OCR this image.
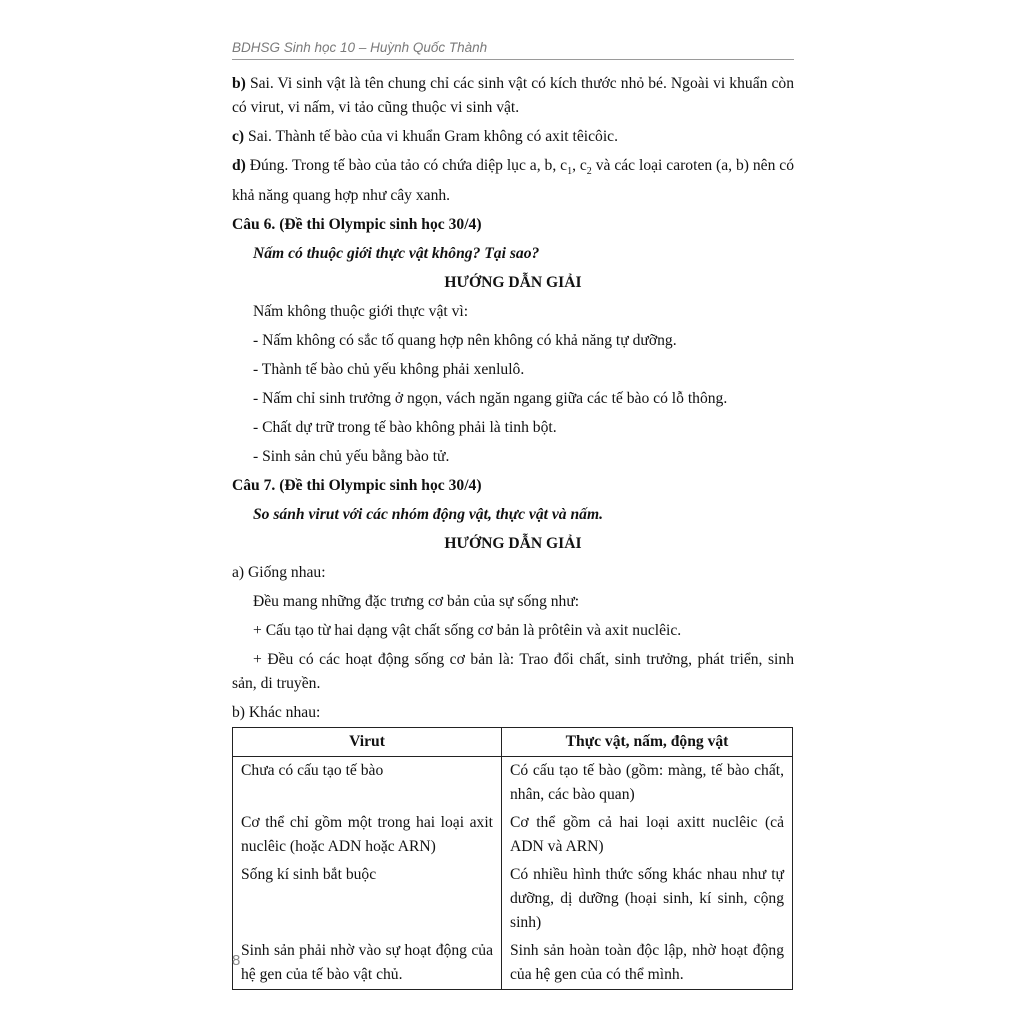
BDHSG Sinh học 10 – Huỳnh Quốc Thành

b) Sai. Vi sinh vật là tên chung chỉ các sinh vật có kích thước nhỏ bé. Ngoài vi khuẩn còn có virut, vi nấm, vi tảo cũng thuộc vi sinh vật.

c) Sai. Thành tế bào của vi khuẩn Gram không có axit têicôic.

d) Đúng. Trong tế bào của tảo có chứa diệp lục a, b, $c_1$, $c_2$ và các loại caroten (a, b) nên có khả năng quang hợp như cây xanh.

Câu 6. (Đề thi Olympic sinh học 30/4)

Nấm có thuộc giới thực vật không? Tại sao?

HƯỚNG DẪN GIẢI

Nấm không thuộc giới thực vật vì:

- Nấm không có sắc tố quang hợp nên không có khả năng tự dưỡng.

- Thành tế bào chủ yếu không phải xenlulô.

- Nấm chỉ sinh trưởng ở ngọn, vách ngăn ngang giữa các tế bào có lỗ thông.

- Chất dự trữ trong tế bào không phải là tinh bột.

- Sinh sản chủ yếu bằng bào tử.

Câu 7. (Đề thi Olympic sinh học 30/4)

So sánh virut với các nhóm động vật, thực vật và nấm.

HƯỚNG DẪN GIẢI

a) Giống nhau:

Đều mang những đặc trưng cơ bản của sự sống như:

+ Cấu tạo từ hai dạng vật chất sống cơ bản là prôtêin và axit nuclêic.

+ Đều có các hoạt động sống cơ bản là: Trao đổi chất, sinh trưởng, phát triển, sinh sản, di truyền.

b) Khác nhau:

Virut	Thực vật, nấm, động vật
Chưa có cấu tạo tế bào	Có cấu tạo tế bào (gồm: màng, tế bào chất, nhân, các bào quan)
Cơ thể chỉ gồm một trong hai loại axit nuclêic (hoặc ADN hoặc ARN)	Cơ thể gồm cả hai loại axitt nuclêic (cả ADN và ARN)
Sống kí sinh bắt buộc	Có nhiều hình thức sống khác nhau như tự dưỡng, dị dưỡng (hoại sinh, kí sinh, cộng sinh)
Sinh sản phải nhờ vào sự hoạt động của hệ gen của tế bào vật chủ.	Sinh sản hoàn toàn độc lập, nhờ hoạt động của hệ gen của có thể mình.
8
